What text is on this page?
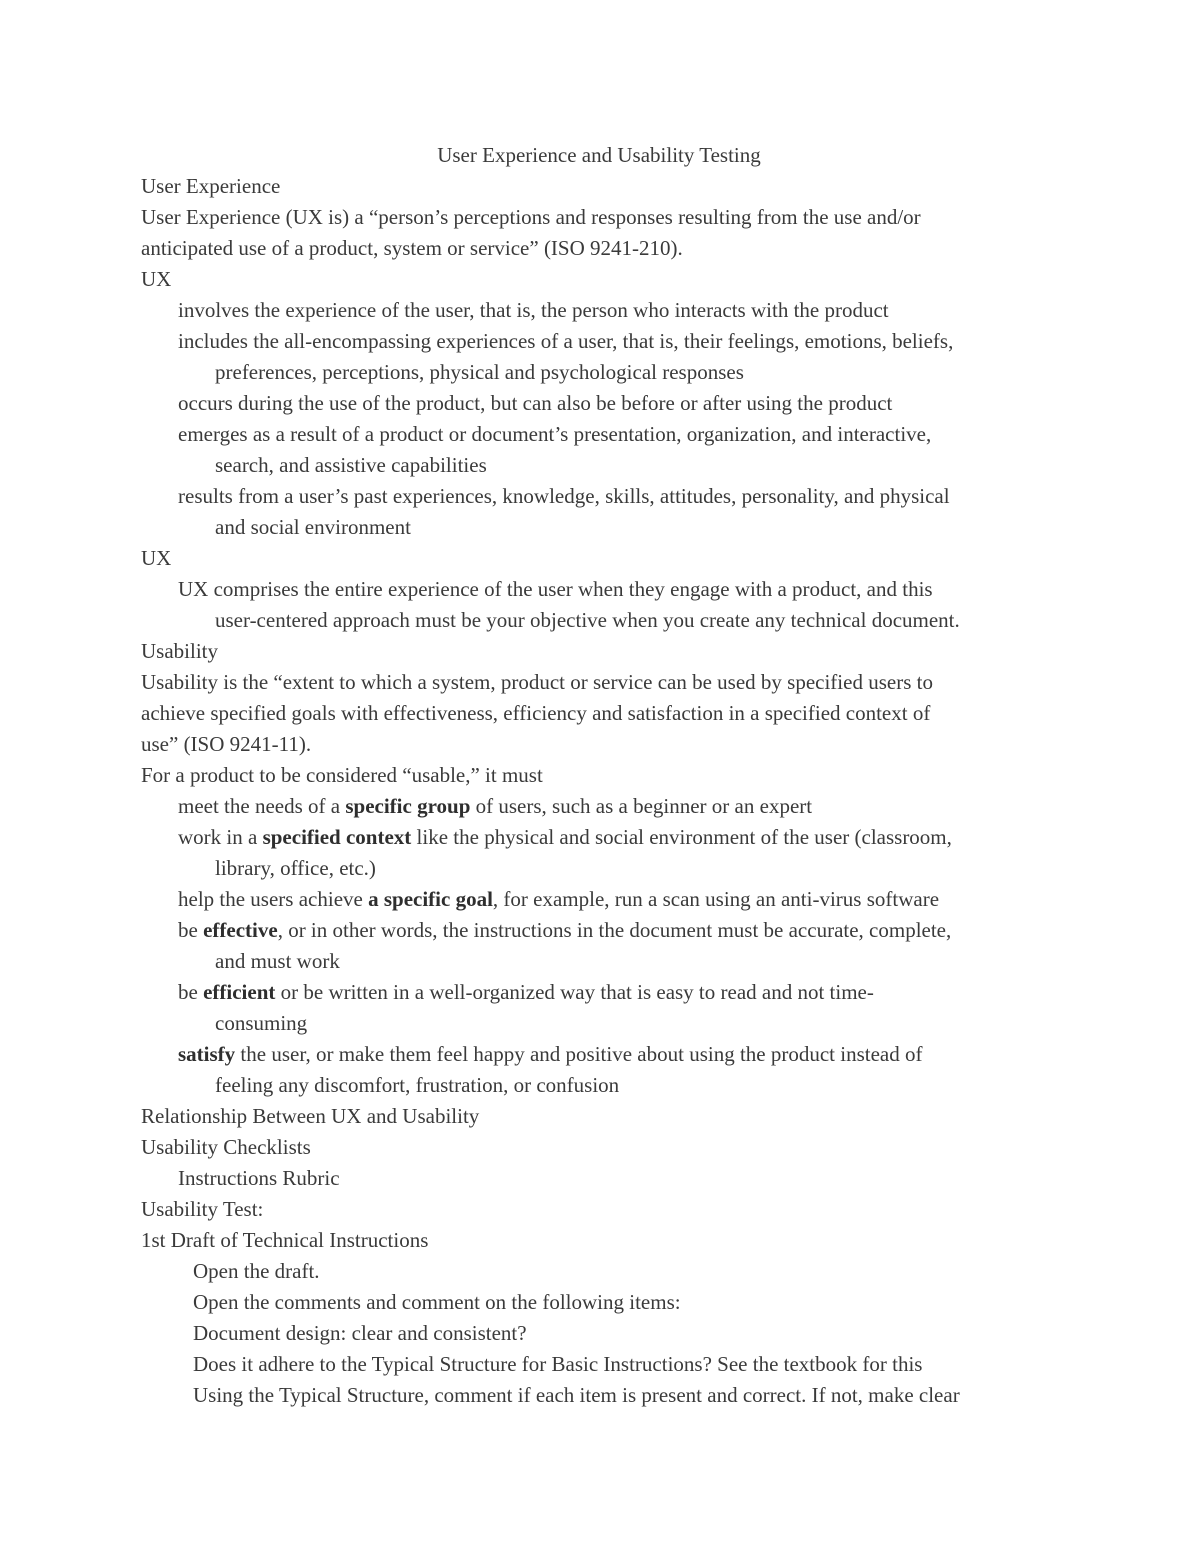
User Experience and Usability Testing
User Experience
User Experience (UX is) a “person’s perceptions and responses resulting from the use and/or
anticipated use of a product, system or service” (ISO 9241-210).
UX
involves the experience of the user, that is, the person who interacts with the product
includes the all-encompassing experiences of a user, that is, their feelings, emotions, beliefs,
preferences, perceptions, physical and psychological responses
occurs during the use of the product, but can also be before or after using the product
emerges as a result of a product or document’s presentation, organization, and interactive,
search, and assistive capabilities
results from a user’s past experiences, knowledge, skills, attitudes, personality, and physical
and social environment
UX
UX comprises the entire experience of the user when they engage with a product, and this
user-centered approach must be your objective when you create any technical document.
Usability
Usability is the “extent to which a system, product or service can be used by specified users to
achieve specified goals with effectiveness, efficiency and satisfaction in a specified context of
use” (ISO 9241-11).
For a product to be considered “usable,” it must
meet the needs of a specific group of users, such as a beginner or an expert
work in a specified context like the physical and social environment of the user (classroom,
library, office, etc.)
help the users achieve a specific goal, for example, run a scan using an anti-virus software
be effective, or in other words, the instructions in the document must be accurate, complete,
and must work
be efficient or be written in a well-organized way that is easy to read and not time-
consuming
satisfy the user, or make them feel happy and positive about using the product instead of
feeling any discomfort, frustration, or confusion
Relationship Between UX and Usability
Usability Checklists
Instructions Rubric
Usability Test:
1st Draft of Technical Instructions
Open the draft.
Open the comments and comment on the following items:
Document design: clear and consistent?
Does it adhere to the Typical Structure for Basic Instructions? See the textbook for this
Using the Typical Structure, comment if each item is present and correct. If not, make clear
